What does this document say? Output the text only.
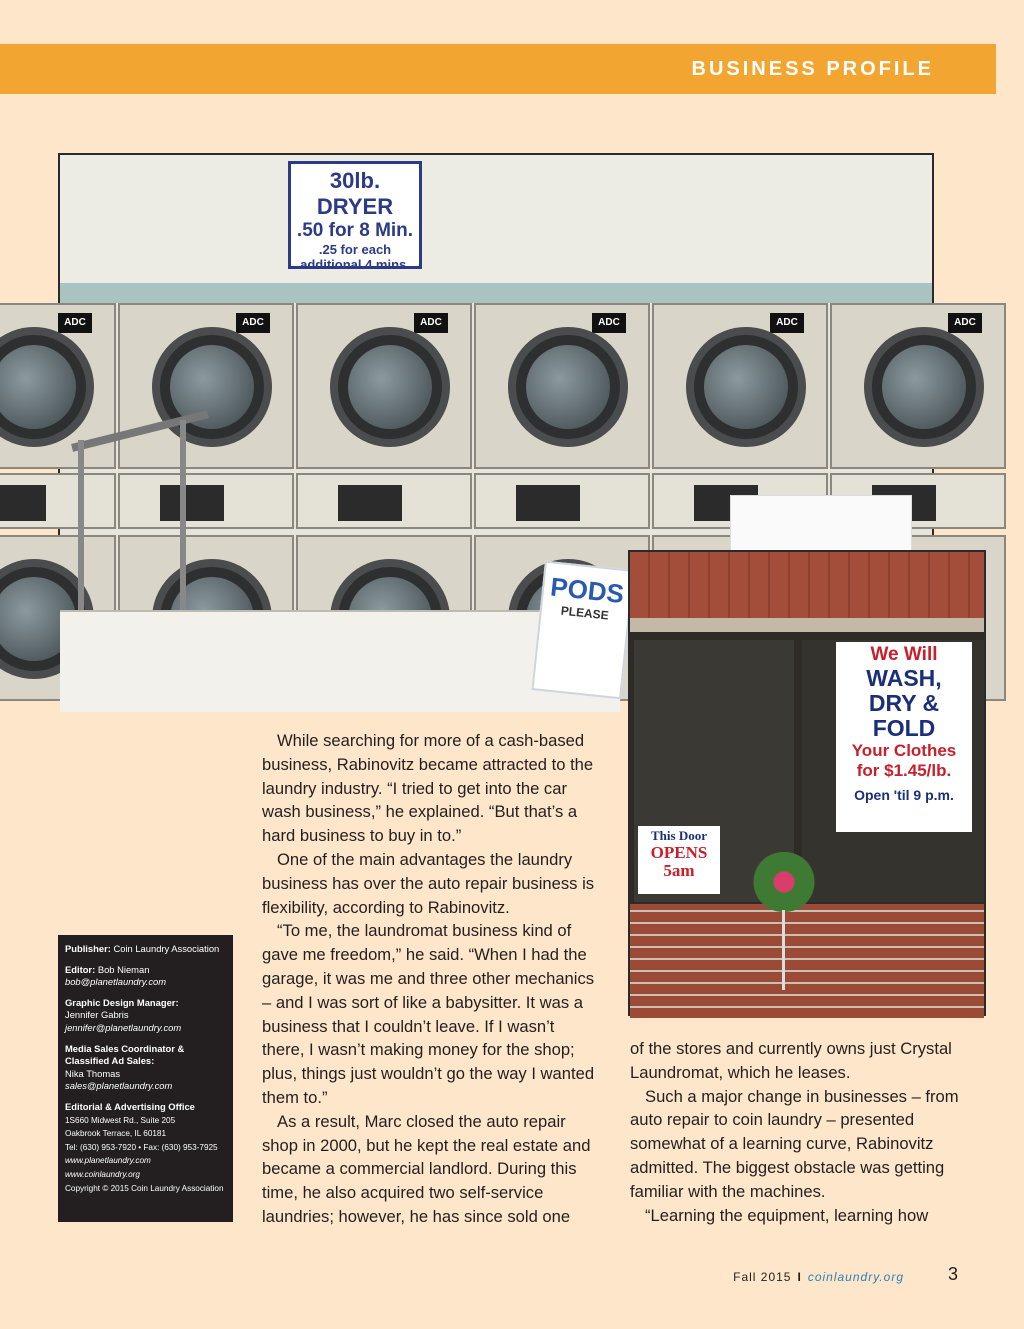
BUSINESS PROFILE
30lb. DRYER
.50 for 8 Min.
.25 for each
additional 4 mins.
ADC	ADC	ADC	ADC	ADC	ADC
PODS
PLEASE
We Will
WASH,
DRY &
FOLD
Your Clothes
for $1.45/lb.
Open 'til 9 p.m.
This Door
OPENS
5am

While searching for more of a cash-based business, Rabinovitz became attracted to the laundry industry. “I tried to get into the car wash business,” he explained. “But that’s a hard business to buy in to.”

One of the main advantages the laundry business has over the auto repair business is flexibility, according to Rabinovitz.

“To me, the laundromat business kind of gave me freedom,” he said. “When I had the garage, it was me and three other mechanics – and I was sort of like a babysitter. It was a business that I couldn’t leave. If I wasn’t there, I wasn’t making money for the shop; plus, things just wouldn’t go the way I wanted them to.”

As a result, Marc closed the auto repair shop in 2000, but he kept the real estate and became a commercial landlord. During this time, he also acquired two self-service laundries; however, he has since sold one

of the stores and currently owns just Crystal Laundromat, which he leases.

Such a major change in businesses – from auto repair to coin laundry – presented somewhat of a learning curve, Rabinovitz admitted. The biggest obstacle was getting familiar with the machines.

“Learning the equipment, learning how

Publisher: Coin Laundry Association
Editor: Bob Nieman
bob@planetlaundry.com
Graphic Design Manager:
Jennifer Gabris
jennifer@planetlaundry.com
Media Sales Coordinator & Classified Ad Sales:
Nika Thomas
sales@planetlaundry.com
Editorial & Advertising Office
1S660 Midwest Rd., Suite 205
Oakbrook Terrace, IL 60181
Tel: (630) 953-7920 • Fax: (630) 953-7925
www.planetlaundry.com
www.coinlaundry.org
Copyright © 2015 Coin Laundry Association
Fall 2015 I coinlaundry.org 3
